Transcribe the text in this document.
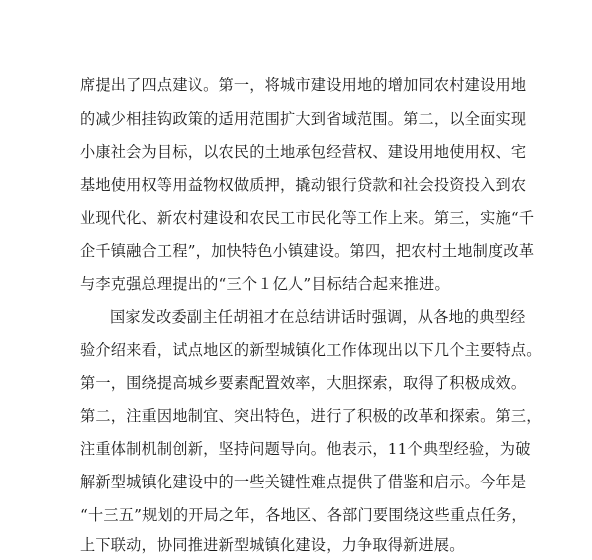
席提出了四点建议。第一，将城市建设用地的增加同农村建设用地
的减少相挂钩政策的适用范围扩大到省域范围。第二，以全面实现
小康社会为目标，以农民的土地承包经营权、建设用地使用权、宅
基地使用权等用益物权做质押，撬动银行贷款和社会投资投入到农
业现代化、新农村建设和农民工市民化等工作上来。第三，实施“千
企千镇融合工程”，加快特色小镇建设。第四，把农村土地制度改革
与李克强总理提出的“三个１亿人”目标结合起来推进。
国家发改委副主任胡祖才在总结讲话时强调，从各地的典型经
验介绍来看，试点地区的新型城镇化工作体现出以下几个主要特点。
第一，围绕提高城乡要素配置效率，大胆探索，取得了积极成效。
第二，注重因地制宜、突出特色，进行了积极的改革和探索。第三，
注重体制机制创新，坚持问题导向。他表示，11个典型经验，为破
解新型城镇化建设中的一些关键性难点提供了借鉴和启示。今年是
“十三五”规划的开局之年，各地区、各部门要围绕这些重点任务，
上下联动，协同推进新型城镇化建设，力争取得新进展。
